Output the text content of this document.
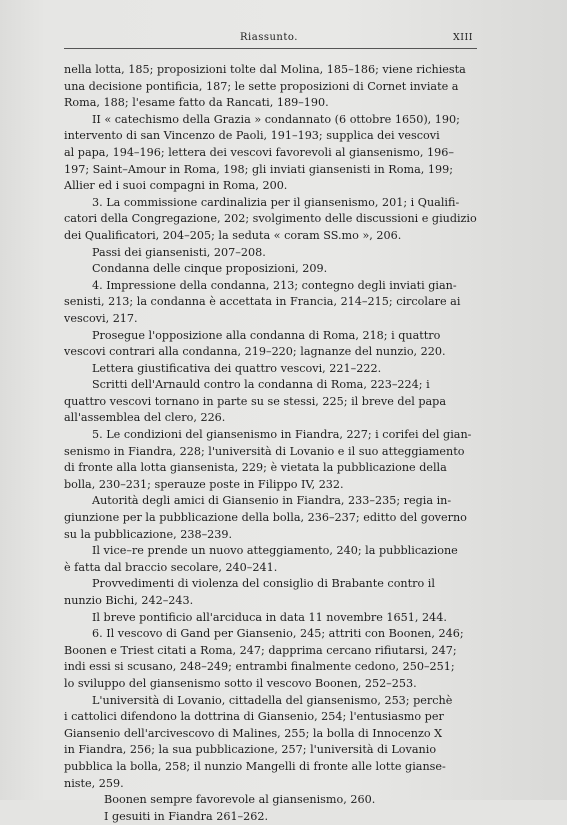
Riassunto.	XIII
nella lotta, 185; proposizioni tolte dal Molina, 185–186; viene richiesta
una decisione pontificia, 187; le sette proposizioni di Cornet inviate a
Roma, 188; l'esame fatto da Rancati, 189–190.
II « catechismo della Grazia » condannato (6 ottobre 1650), 190;
intervento di san Vincenzo de Paoli, 191–193; supplica dei vescovi
al papa, 194–196; lettera dei vescovi favorevoli al giansenismo, 196–
197; Saint–Amour in Roma, 198; gli inviati giansenisti in Roma, 199;
Allier ed i suoi compagni in Roma, 200.
3. La commissione cardinalizia per il giansenismo, 201; i Qualifi-
catori della Congregazione, 202; svolgimento delle discussioni e giudizio
dei Qualificatori, 204–205; la seduta « coram SS.mo », 206.
Passi dei giansenisti, 207–208.
Condanna delle cinque proposizioni, 209.
4. Impressione della condanna, 213; contegno degli inviati gian-
senisti, 213; la condanna è accettata in Francia, 214–215; circolare ai
vescovi, 217.
Prosegue l'opposizione alla condanna di Roma, 218; i quattro
vescovi contrari alla condanna, 219–220; lagnanze del nunzio, 220.
Lettera giustificativa dei quattro vescovi, 221–222.
Scritti dell'Arnauld contro la condanna di Roma, 223–224; i
quattro vescovi tornano in parte su se stessi, 225; il breve del papa
all'assemblea del clero, 226.
5. Le condizioni del giansenismo in Fiandra, 227; i corifei del gian-
senismo in Fiandra, 228; l'università di Lovanio e il suo atteggiamento
di fronte alla lotta giansenista, 229; è vietata la pubblicazione della
bolla, 230–231; sperauze poste in Filippo IV, 232.
Autorità degli amici di Giansenio in Fiandra, 233–235; regia in-
giunzione per la pubblicazione della bolla, 236–237; editto del governo
su la pubblicazione, 238–239.
Il vice–re prende un nuovo atteggiamento, 240; la pubblicazione
è fatta dal braccio secolare, 240–241.
Provvedimenti di violenza del consiglio di Brabante contro il
nunzio Bichi, 242–243.
Il breve pontificio all'arciduca in data 11 novembre 1651, 244.
6. Il vescovo di Gand per Giansenio, 245; attriti con Boonen, 246;
Boonen e Triest citati a Roma, 247; dapprima cercano rifiutarsi, 247;
indi essi si scusano, 248–249; entrambi finalmente cedono, 250–251;
lo sviluppo del giansenismo sotto il vescovo Boonen, 252–253.
L'università di Lovanio, cittadella del giansenismo, 253; perchè
i cattolici difendono la dottrina di Giansenio, 254; l'entusiasmo per
Giansenio dell'arcivescovo di Malines, 255; la bolla di Innocenzo X
in Fiandra, 256; la sua pubblicazione, 257; l'università di Lovanio
pubblica la bolla, 258; il nunzio Mangelli di fronte alle lotte gianse-
niste, 259.
Boonen sempre favorevole al giansenismo, 260.
I gesuiti in Fiandra 261–262.
